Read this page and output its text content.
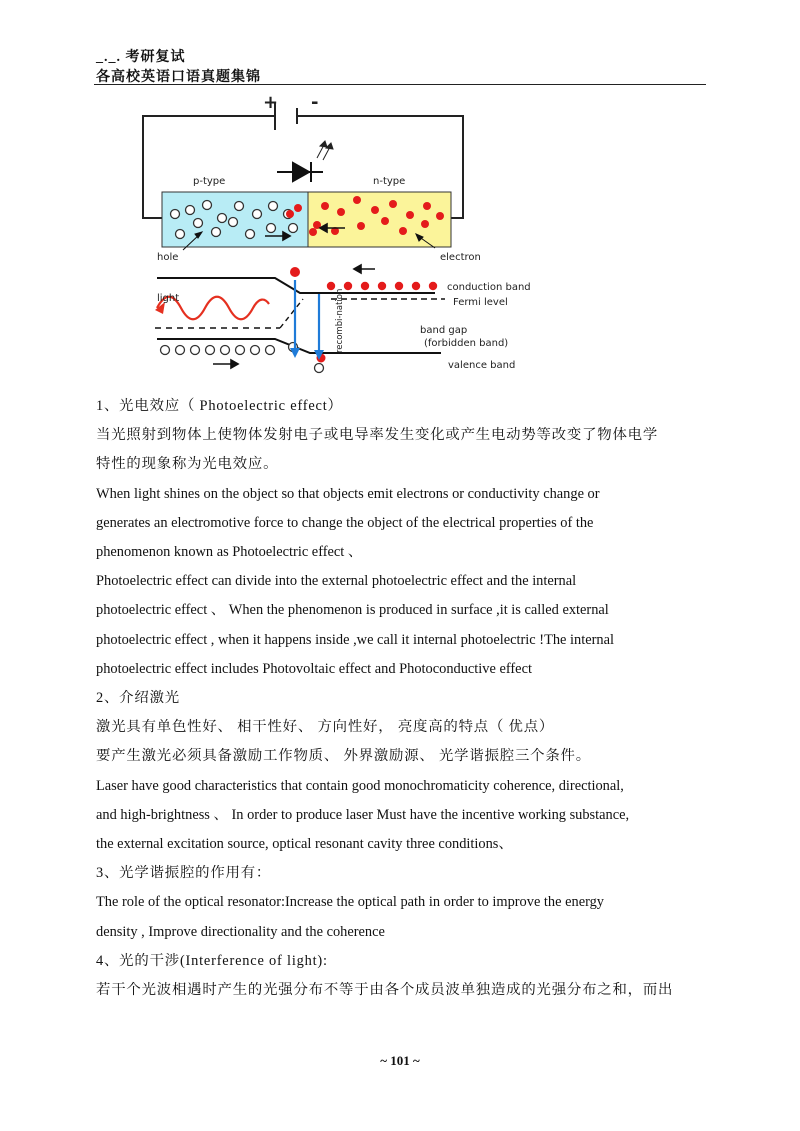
_._. 考研复试
各高校英语口语真题集锦
+ -
p-type	n-type
hole	electron
light	recombi-nation
conduction band
Fermi level
band gap
(forbidden band)
valence band

1、光电效应（ Photoelectric effect）

当光照射到物体上使物体发射电子或电导率发生变化或产生电动势等改变了物体电学

特性的现象称为光电效应。

When light shines on the object so that objects emit electrons or conductivity change or

generates an electromotive force to change the object of the electrical properties of the

phenomenon known as Photoelectric effect 、

Photoelectric effect can divide into the external photoelectric effect and the internal

photoelectric effect 、 When the phenomenon is produced in surface ,it is called external

photoelectric effect , when it happens inside ,we call it internal photoelectric !The internal

photoelectric effect includes Photovoltaic effect and Photoconductive effect

2、介绍激光

激光具有单色性好、 相干性好、 方向性好， 亮度高的特点（ 优点）

要产生激光必须具备激励工作物质、 外界激励源、 光学谐振腔三个条件。

Laser have good characteristics that contain good monochromaticity coherence, directional,

and high-brightness 、 In order to produce laser Must have the incentive working substance,

the external excitation source, optical resonant cavity three conditions、

3、光学谐振腔的作用有：

The role of the optical resonator:Increase the optical path in order to improve the energy

density , Improve directionality and the coherence

4、光的干涉(Interference of light):

若干个光波相遇时产生的光强分布不等于由各个成员波单独造成的光强分布之和，而出

~ 101 ~
